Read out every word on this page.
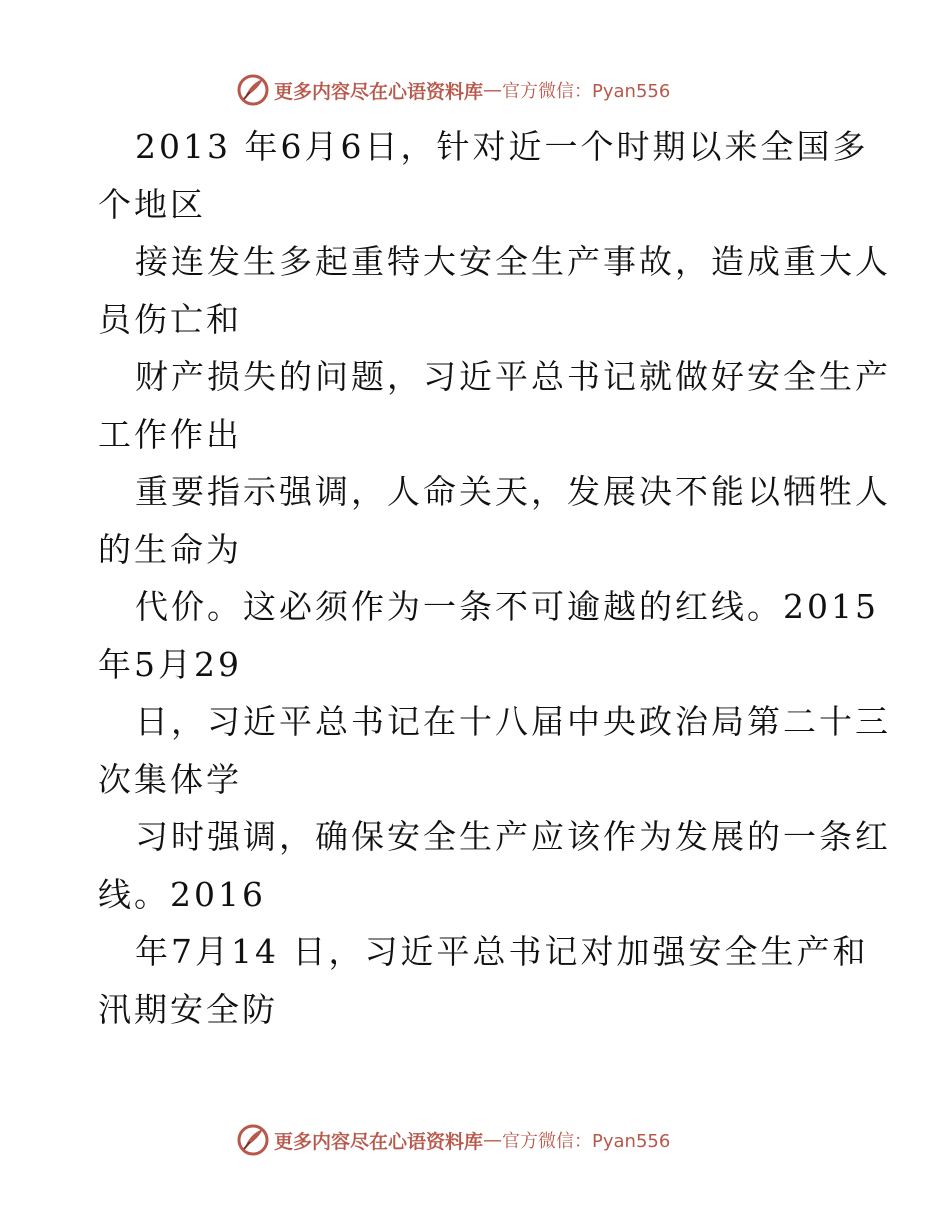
更多内容尽在心语资料库 — 官方微信：Pyan556
2013 年6月6日，针对近一个时期以来全国多
个地区
接连发生多起重特大安全生产事故，造成重大人
员伤亡和
财产损失的问题，习近平总书记就做好安全生产
工作作出
重要指示强调，人命关天，发展决不能以牺牲人
的生命为
代价。这必须作为一条不可逾越的红线。2015
年5月29
日，习近平总书记在十八届中央政治局第二十三
次集体学
习时强调，确保安全生产应该作为发展的一条红
线。2016
年7月14 日，习近平总书记对加强安全生产和
汛期安全防
更多内容尽在心语资料库 — 官方微信：Pyan556
